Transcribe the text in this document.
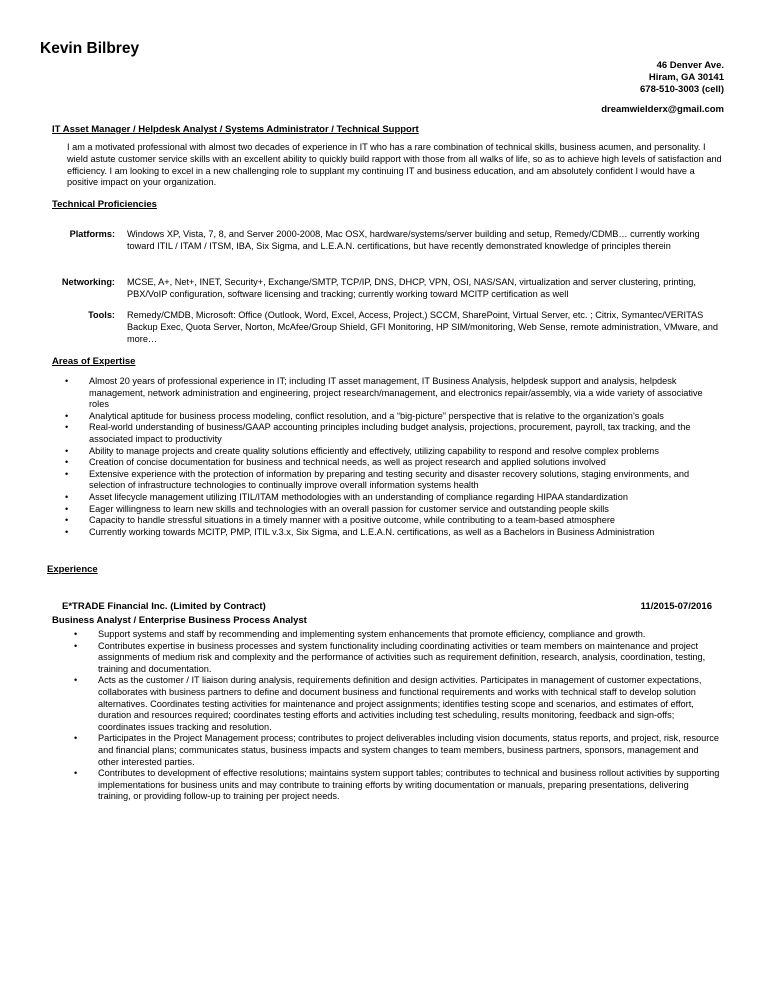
Kevin Bilbrey
46 Denver Ave.
Hiram, GA 30141
678-510-3003 (cell)
dreamwielderx@gmail.com
IT Asset Manager / Helpdesk Analyst / Systems Administrator / Technical Support
I am a motivated professional with almost two decades of experience in IT who has a rare combination of technical skills, business acumen, and personality. I wield astute customer service skills with an excellent ability to quickly build rapport with those from all walks of life, so as to achieve high levels of satisfaction and efficiency. I am looking to excel in a new challenging role to supplant my continuing IT and business education, and am absolutely confident I would have a positive impact on your organization.
Technical Proficiencies
Platforms: Windows XP, Vista, 7, 8, and Server 2000-2008, Mac OSX, hardware/systems/server building and setup, Remedy/CDMB… currently working toward ITIL / ITAM / ITSM, IBA, Six Sigma, and L.E.A.N. certifications, but have recently demonstrated knowledge of principles therein
Networking: MCSE, A+, Net+, INET, Security+, Exchange/SMTP, TCP/IP, DNS, DHCP, VPN, OSI, NAS/SAN, virtualization and server clustering, printing, PBX/VoIP configuration, software licensing and tracking; currently working toward MCITP certification as well
Tools: Remedy/CMDB, Microsoft: Office (Outlook, Word, Excel, Access, Project,) SCCM, SharePoint, Virtual Server, etc. ; Citrix, Symantec/VERITAS Backup Exec, Quota Server, Norton, McAfee/Group Shield, GFI Monitoring, HP SIM/monitoring, Web Sense, remote administration, VMware, and more…
Areas of Expertise
• Almost 20 years of professional experience in IT; including IT asset management, IT Business Analysis, helpdesk support and analysis, helpdesk management, network administration and engineering, project research/management, and electronics repair/assembly, via a wide variety of associative roles
• Analytical aptitude for business process modeling, conflict resolution, and a “big-picture” perspective that is relative to the organization’s goals
• Real-world understanding of business/GAAP accounting principles including budget analysis, projections, procurement, payroll, tax tracking, and the associated impact to productivity
• Ability to manage projects and create quality solutions efficiently and effectively, utilizing capability to respond and resolve complex problems
• Creation of concise documentation for business and technical needs, as well as project research and applied solutions involved
• Extensive experience with the protection of information by preparing and testing security and disaster recovery solutions, staging environments, and selection of infrastructure technologies to continually improve overall information systems health
• Asset lifecycle management utilizing ITIL/ITAM methodologies with an understanding of compliance regarding HIPAA standardization
• Eager willingness to learn new skills and technologies with an overall passion for customer service and outstanding people skills
• Capacity to handle stressful situations in a timely manner with a positive outcome, while contributing to a team-based atmosphere
• Currently working towards MCITP, PMP, ITIL v.3.x, Six Sigma, and L.E.A.N. certifications, as well as a Bachelors in Business Administration
Experience
E*TRADE Financial Inc. (Limited by Contract)	11/2015-07/2016
Business Analyst / Enterprise Business Process Analyst
• Support systems and staff by recommending and implementing system enhancements that promote efficiency, compliance and growth.
• Contributes expertise in business processes and system functionality including coordinating activities or team members on maintenance and project assignments of medium risk and complexity and the performance of activities such as requirement definition, research, analysis, coordination, testing, training and documentation.
• Acts as the customer / IT liaison during analysis, requirements definition and design activities. Participates in management of customer expectations, collaborates with business partners to define and document business and functional requirements and works with technical staff to develop solution alternatives. Coordinates testing activities for maintenance and project assignments; identifies testing scope and scenarios, and estimates of effort, duration and resources required; coordinates testing efforts and activities including test scheduling, results monitoring, feedback and sign-offs; coordinates issues tracking and resolution.
• Participates in the Project Management process; contributes to project deliverables including vision documents, status reports, and project, risk, resource and financial plans; communicates status, business impacts and system changes to team members, business partners, sponsors, management and other interested parties.
• Contributes to development of effective resolutions; maintains system support tables; contributes to technical and business rollout activities by supporting implementations for business units and may contribute to training efforts by writing documentation or manuals, preparing presentations, delivering training, or providing follow-up to training per project needs.
